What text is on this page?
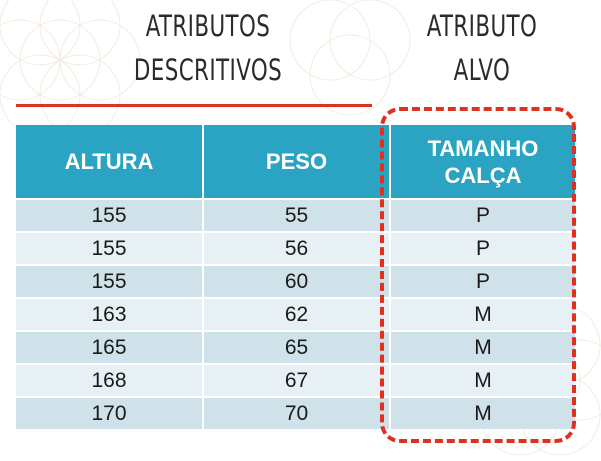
ATRIBUTOS
DESCRITIVOS
ATRIBUTO
ALVO
ALTURA	PESO	TAMANHO
CALÇA

155	55	P
155	56	P
155	60	P
163	62	M
165	65	M
168	67	M
170	70	M
